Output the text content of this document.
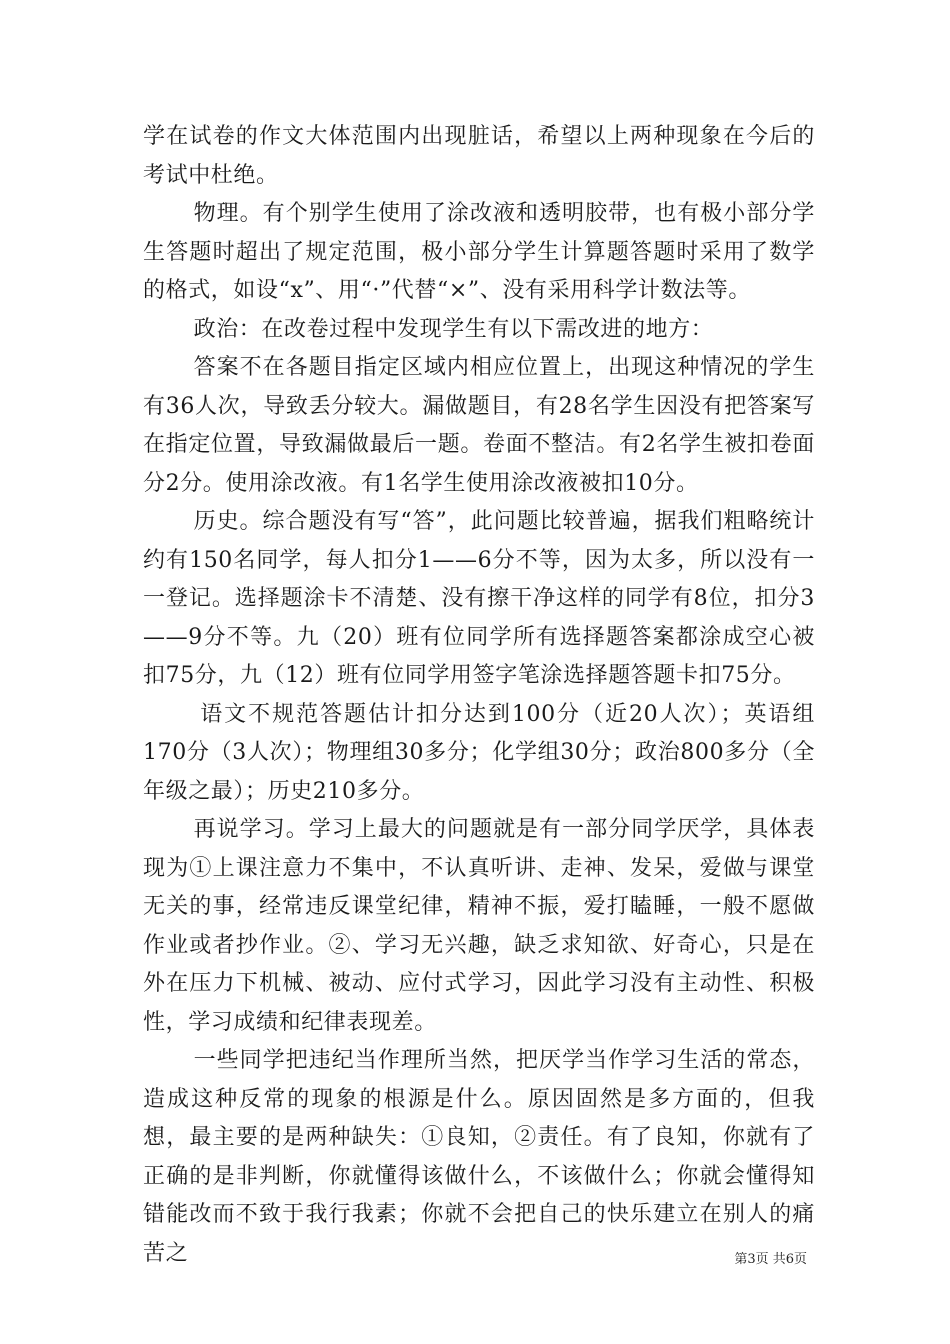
学在试卷的作文大体范围内出现脏话，希望以上两种现象在今后的考试中杜绝。

物理。有个别学生使用了涂改液和透明胶带，也有极小部分学生答题时超出了规定范围，极小部分学生计算题答题时采用了数学的格式，如设“x”、用“·”代替“×”、没有采用科学计数法等。

政治：在改卷过程中发现学生有以下需改进的地方：

答案不在各题目指定区域内相应位置上，出现这种情况的学生有36人次，导致丢分较大。漏做题目，有28名学生因没有把答案写在指定位置，导致漏做最后一题。卷面不整洁。有2名学生被扣卷面分2分。使用涂改液。有1名学生使用涂改液被扣10分。

历史。综合题没有写“答”，此问题比较普遍，据我们粗略统计约有150名同学，每人扣分1——6分不等，因为太多，所以没有一一登记。选择题涂卡不清楚、没有擦干净这样的同学有8位，扣分3——9分不等。九（20）班有位同学所有选择题答案都涂成空心被扣75分，九（12）班有位同学用签字笔涂选择题答题卡扣75分。

语文不规范答题估计扣分达到100分（近20人次）；英语组170分（3人次）；物理组30多分；化学组30分；政治800多分（全年级之最）；历史210多分。

再说学习。学习上最大的问题就是有一部分同学厌学，具体表现为①上课注意力不集中，不认真听讲、走神、发呆，爱做与课堂无关的事，经常违反课堂纪律，精神不振，爱打瞌睡，一般不愿做作业或者抄作业。②、学习无兴趣，缺乏求知欲、好奇心，只是在外在压力下机械、被动、应付式学习，因此学习没有主动性、积极性，学习成绩和纪律表现差。

一些同学把违纪当作理所当然，把厌学当作学习生活的常态，造成这种反常的现象的根源是什么。原因固然是多方面的，但我想，最主要的是两种缺失：①良知，②责任。有了良知，你就有了正确的是非判断，你就懂得该做什么，不该做什么；你就会懂得知错能改而不致于我行我素；你就不会把自己的快乐建立在别人的痛苦之	第3页 共6页
